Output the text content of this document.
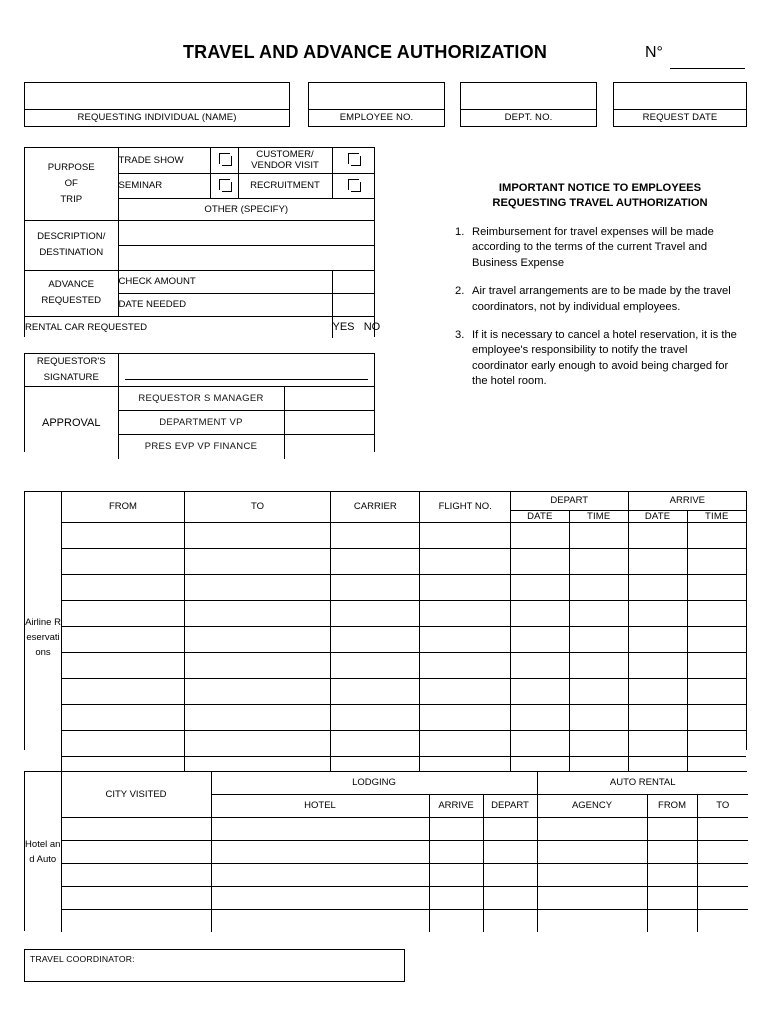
TRAVEL AND ADVANCE AUTHORIZATION	N°
REQUESTING INDIVIDUAL (NAME)	EMPLOYEE NO.	DEPT. NO.	REQUEST DATE
PURPOSE
OF
TRIP	TRADE SHOW		CUSTOMER/ VENDOR VISIT	
	SEMINAR		RECRUITMENT	
	OTHER (SPECIFY)			

DESCRIPTION/
DESTINATION				

ADVANCE
REQUESTED	CHECK AMOUNT			
	DATE NEEDED			
RENTAL CAR REQUESTED				YES NO
REQUESTOR'S
SIGNATURE		

APPROVAL	REQUESTOR S MANAGER	
	DEPARTMENT VP	
	PRES EVP VP FINANCE	
IMPORTANT NOTICE TO EMPLOYEES
REQUESTING TRAVEL AUTHORIZATION
1. Reimbursement for travel expenses will be made according to the terms of the current Travel and Business Expense
2. Air travel arrangements are to be made by the travel coordinators, not by individual employees.
3. If it is necessary to cancel a hotel reservation, it is the employee's responsibility to notify the travel coordinator early enough to avoid being charged for the hotel room.
Airline Reservations	FROM	TO	CARRIER	FLIGHT NO.	DEPART		ARRIVE	
					DATE	TIME	DATE	TIME

Hotel and Auto	CITY VISITED	LODGING			AUTO RENTAL		
		HOTEL	ARRIVE	DEPART	AGENCY	FROM	TO

TRAVEL COORDINATOR:
